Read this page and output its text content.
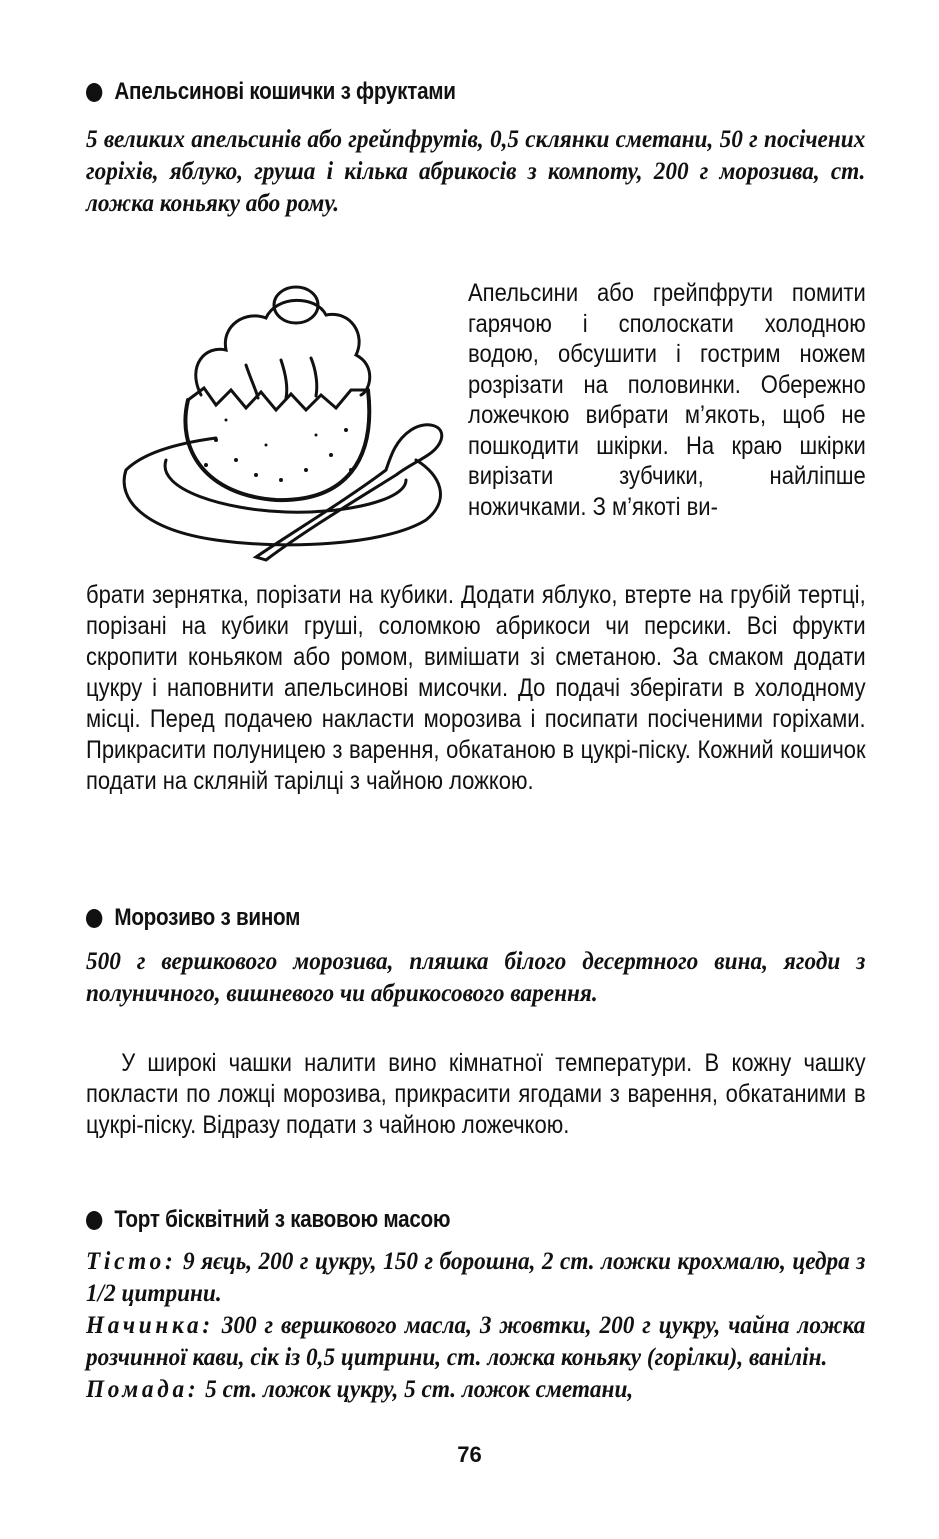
Апельсинові кошички з фруктами

5 великих апельсинів або грейпфрутів, 0,5 склянки сметани, 50 г посічених горіхів, яблуко, груша і кілька абрикосів з компоту, 200 г морозива, ст. ложка коньяку або рому.

Апельсини або грейпфрути помити гарячою і сполоскати холодною водою, обсушити і гострим ножем розрізати на половинки. Обережно ложечкою вибрати м’якоть, щоб не пошкодити шкірки. На краю шкірки вирізати зубчики, найліпше ножичками. З м’якоті ви-

брати зернятка, порізати на кубики. Додати яблуко, втерте на грубій тертці, порізані на кубики груші, соломкою абрикоси чи персики. Всі фрукти скропити коньяком або ромом, вимішати зі сметаною. За смаком додати цукру і наповнити апельсинові мисочки. До подачі зберігати в холодному місці. Перед подачею накласти морозива і посипати посіченими горіхами. Прикрасити полуницею з варення, обкатаною в цукрі-піску. Кожний кошичок подати на скляній тарілці з чайною ложкою.

Морозиво з вином

500 г вершкового морозива, пляшка білого десертного вина, ягоди з полуничного, вишневого чи абрикосового варення.

У широкі чашки налити вино кімнатної температури. В кожну чашку покласти по ложці морозива, прикрасити ягодами з варення, обкатаними в цукрі-піску. Відразу подати з чайною ложечкою.

Торт бісквітний з кавовою масою

Тісто: 9 яєць, 200 г цукру, 150 г борошна, 2 ст. ложки крохмалю, цедра з 1/2 цитрини.

Начинка: 300 г вершкового масла, 3 жовтки, 200 г цукру, чайна ложка розчинної кави, сік із 0,5 цитрини, ст. ложка коньяку (горілки), ванілін.

Помада: 5 ст. ложок цукру, 5 ст. ложок сметани,

76
